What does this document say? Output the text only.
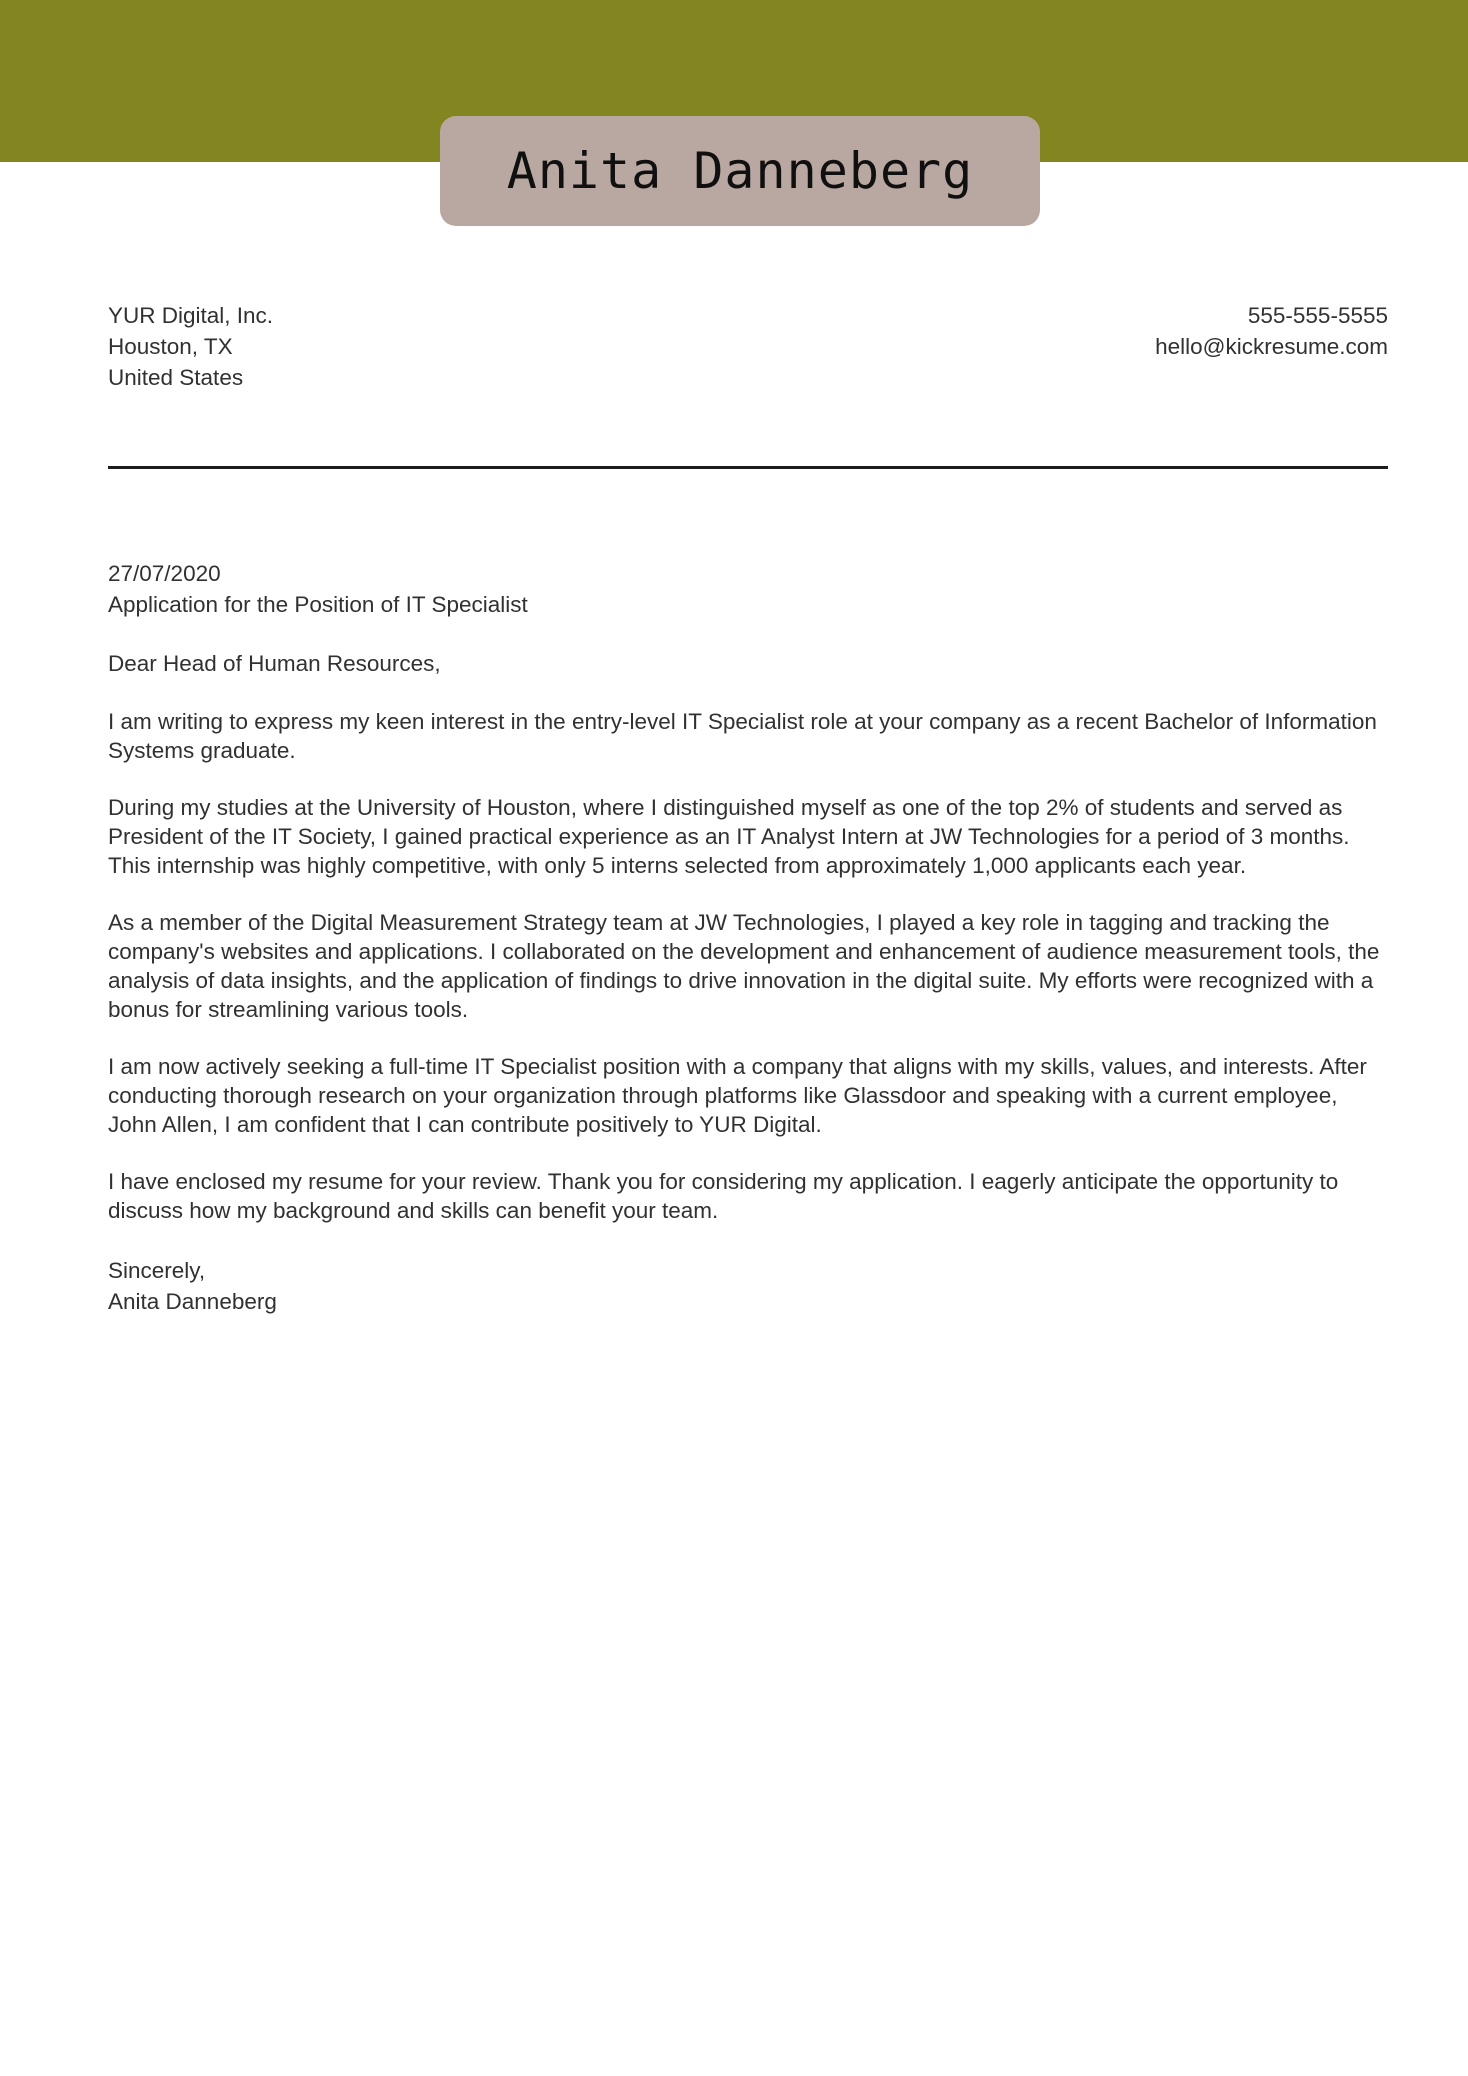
Anita Danneberg
YUR Digital, Inc.
Houston, TX
United States
555-555-5555
hello@kickresume.com
27/07/2020
Application for the Position of IT Specialist
Dear Head of Human Resources,
I am writing to express my keen interest in the entry-level IT Specialist role at your company as a recent Bachelor of Information Systems graduate.
During my studies at the University of Houston, where I distinguished myself as one of the top 2% of students and served as President of the IT Society, I gained practical experience as an IT Analyst Intern at JW Technologies for a period of 3 months. This internship was highly competitive, with only 5 interns selected from approximately 1,000 applicants each year.
As a member of the Digital Measurement Strategy team at JW Technologies, I played a key role in tagging and tracking the company's websites and applications. I collaborated on the development and enhancement of audience measurement tools, the analysis of data insights, and the application of findings to drive innovation in the digital suite. My efforts were recognized with a bonus for streamlining various tools.
I am now actively seeking a full-time IT Specialist position with a company that aligns with my skills, values, and interests. After conducting thorough research on your organization through platforms like Glassdoor and speaking with a current employee, John Allen, I am confident that I can contribute positively to YUR Digital.
I have enclosed my resume for your review. Thank you for considering my application. I eagerly anticipate the opportunity to discuss how my background and skills can benefit your team.
Sincerely,
Anita Danneberg
